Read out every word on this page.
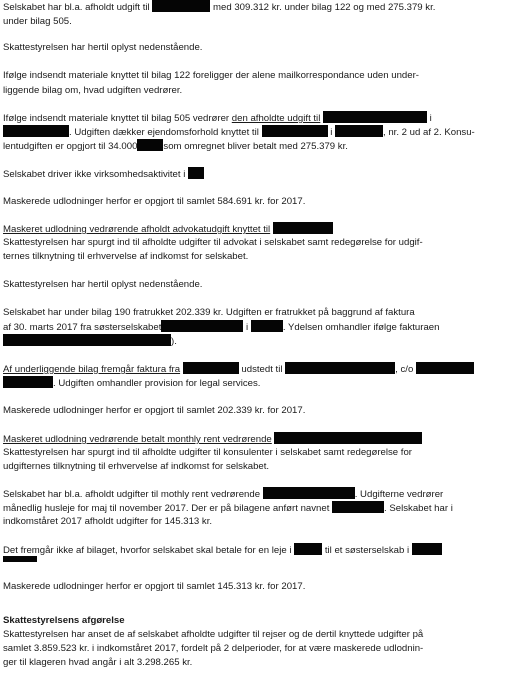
Selskabet har bl.a. afholdt udgift til	med 309.312 kr. under bilag 122 og med 275.379 kr.
under bilag 505.
Skattestyrelsen har hertil oplyst nedenstående.
Ifølge indsendt materiale knyttet til bilag 122 foreligger der alene mailkorrespondance uden under-
liggende bilag om, hvad udgiften vedrører.
Ifølge indsendt materiale knyttet til bilag 505 vedrører den afholdte udgift til	i
. Udgiften dækker ejendomsforhold knyttet til	i	, nr. 2 ud af 2. Konsu-
lentudgiften er opgjort til 34.000	som omregnet bliver betalt med 275.379 kr.
Selskabet driver ikke virksomhedsaktivitet i
Maskerede udlodninger herfor er opgjort til samlet 584.691 kr. for 2017.
Maskeret udlodning vedrørende afholdt advokatudgift knyttet til
Skattestyrelsen har spurgt ind til afholdte udgifter til advokat i selskabet samt redegørelse for udgif-
ternes tilknytning til erhvervelse af indkomst for selskabet.
Skattestyrelsen har hertil oplyst nedenstående.
Selskabet har under bilag 190 fratrukket 202.339 kr. Udgiften er fratrukket på baggrund af faktura
af 30. marts 2017 fra søsterselskabet	i	. Ydelsen omhandler ifølge fakturaen
).
Af underliggende bilag fremgår faktura fra	udstedt til	, c/o
. Udgiften omhandler provision for legal services.
Maskerede udlodninger herfor er opgjort til samlet 202.339 kr. for 2017.
Maskeret udlodning vedrørende betalt monthly rent vedrørende
Skattestyrelsen har spurgt ind til afholdte udgifter til konsulenter i selskabet samt redegørelse for
udgifternes tilknytning til erhvervelse af indkomst for selskabet.
Selskabet har bl.a. afholdt udgifter til mothly rent vedrørende	. Udgifterne vedrører
månedlig husleje for maj til november 2017. Der er på bilagene anført navnet	. Selskabet har i
indkomståret 2017 afholdt udgifter for 145.313 kr.
Det fremgår ikke af bilaget, hvorfor selskabet skal betale for en leje i	til et søsterselskab i
Maskerede udlodninger herfor er opgjort til samlet 145.313 kr. for 2017.
Skattestyrelsens afgørelse
Skattestyrelsen har anset de af selskabet afholdte udgifter til rejser og de dertil knyttede udgifter på
samlet 3.859.523 kr. i indkomståret 2017, fordelt på 2 delperioder, for at være maskerede udlodnin-
ger til klageren hvad angår i alt 3.298.265 kr.
